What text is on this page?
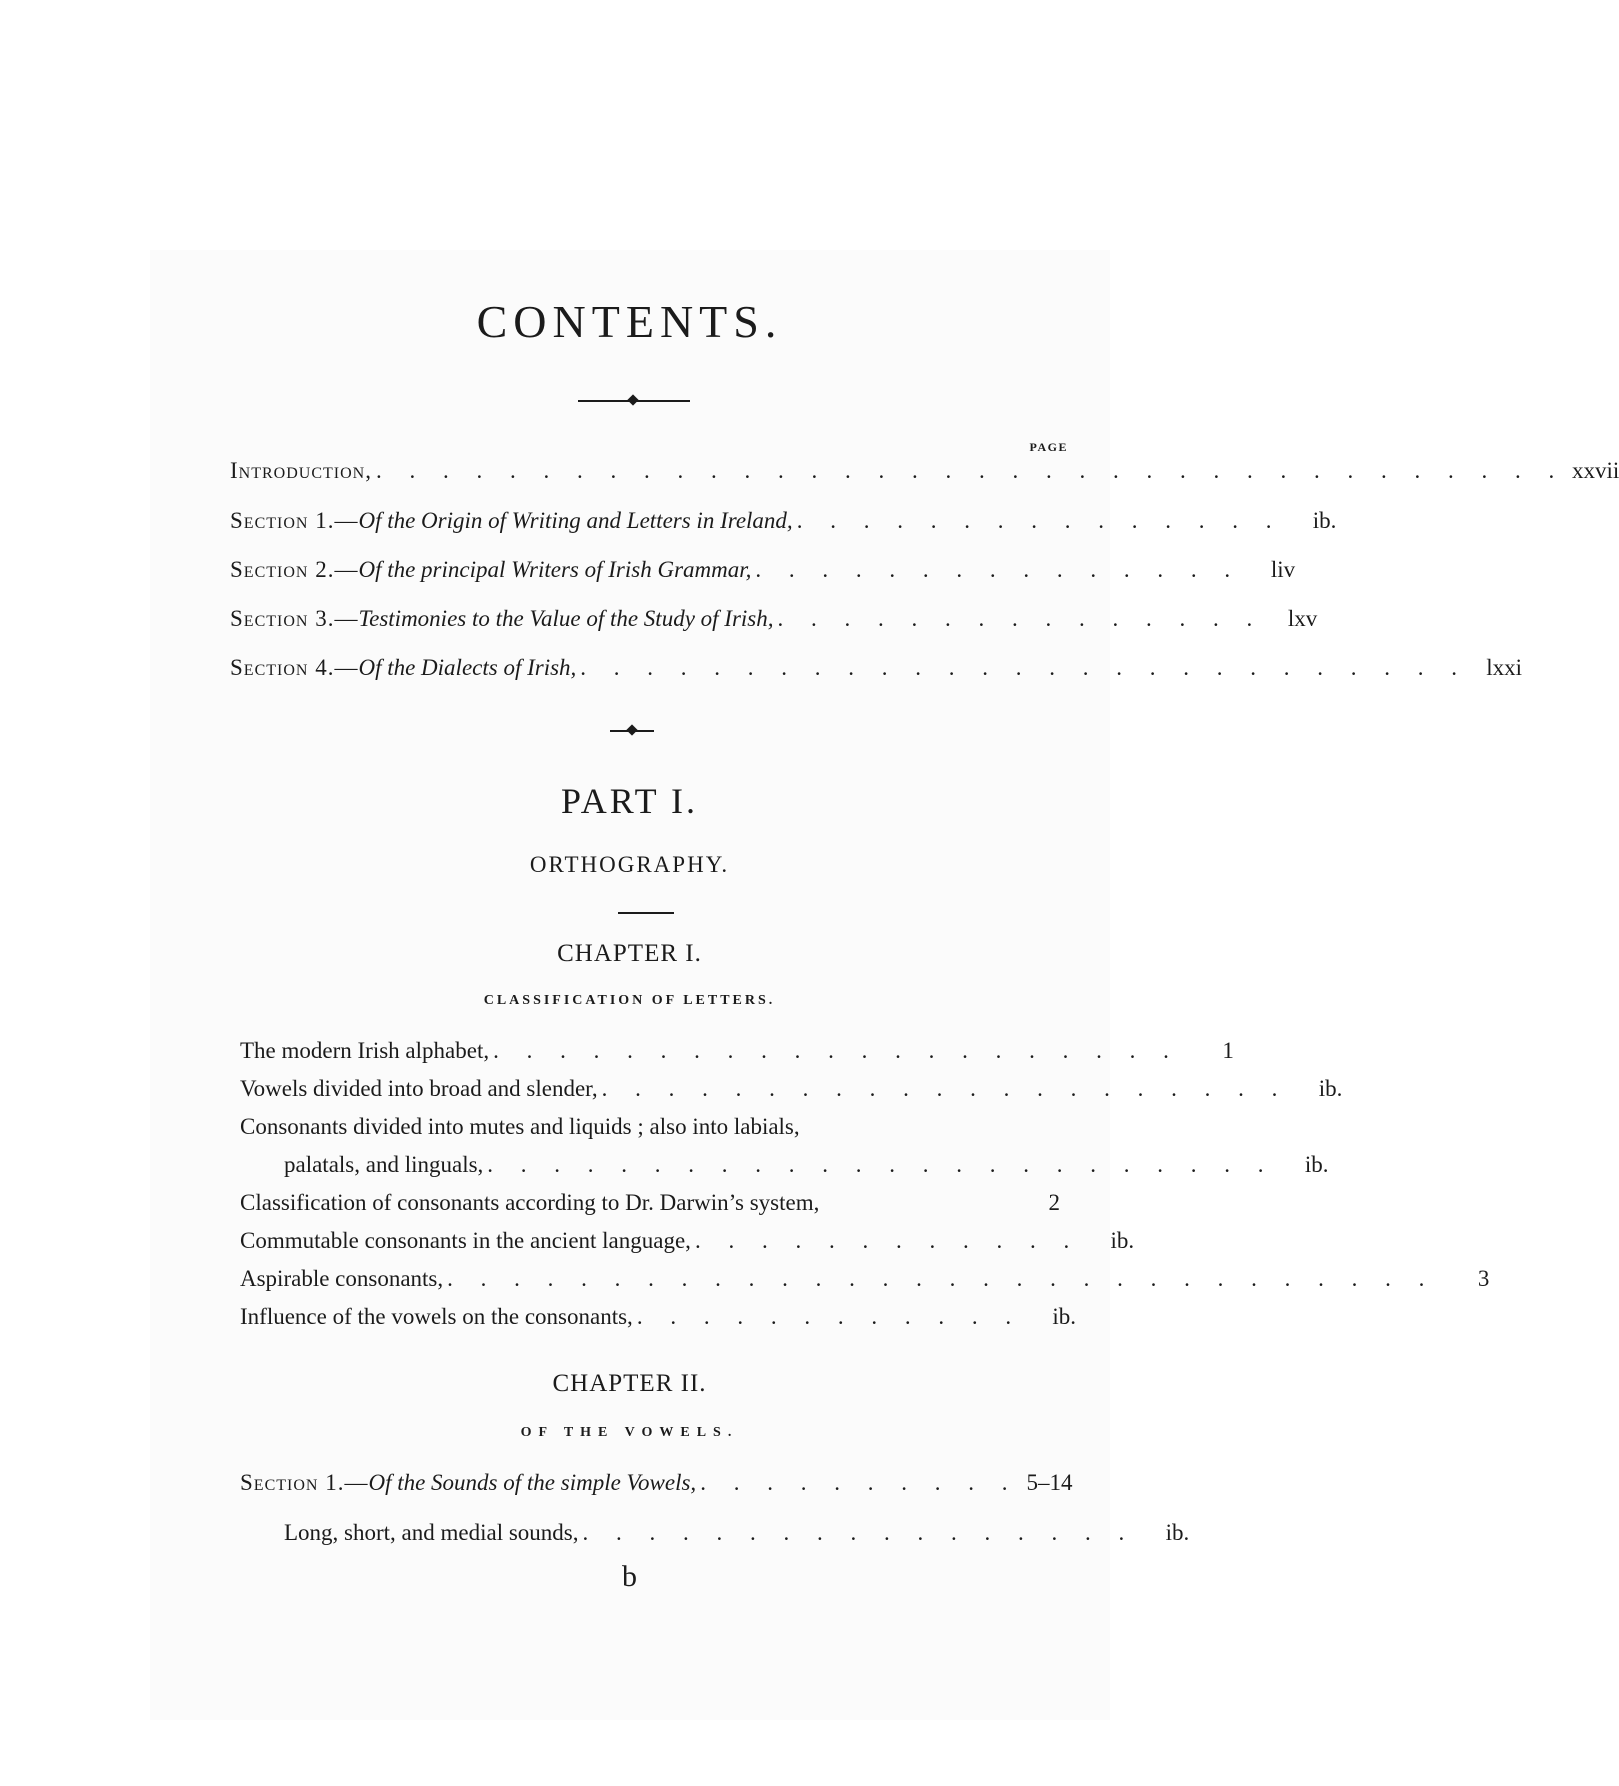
CONTENTS.
PAGE
Introduction, . . . . . . . . . . . . . . . . . . . . . . . . . . . . . . . . . . . . xxvii
Section 1.— Of the Origin of Writing and Letters in Ireland, . . . . . . . . . . . . . . .	ib.
Section 2.— Of the principal Writers of Irish Grammar, . . . . . . . . . . . . . . .	liv
Section 3.— Testimonies to the Value of the Study of Irish, . . . . . . . . . . . . . . .	lxv
Section 4.— Of the Dialects of Irish, . . . . . . . . . . . . . . . . . . . . . . . . . . . lxxi
PART I.
ORTHOGRAPHY.
CHAPTER I.
CLASSIFICATION OF LETTERS.
The modern Irish alphabet, . . . . . . . . . . . . . . . . . . . . .	1
Vowels divided into broad and slender, . . . . . . . . . . . . . . . . . . . . .	ib.
Consonants divided into mutes and liquids ; also into labials,
palatals, and linguals, . . . . . . . . . . . . . . . . . . . . . . . .	ib.
Classification of consonants according to Dr. Darwin’s system,	2
Commutable consonants in the ancient language, . . . . . . . . . . . .	ib.
Aspirable consonants, . . . . . . . . . . . . . . . . . . . . . . . . . . . . . .	3
Influence of the vowels on the consonants, . . . . . . . . . . . .	ib.
CHAPTER II.
OF THE VOWELS.
Section 1.— Of the Sounds of the simple Vowels, . . . . . . . . . . 5–14
Long, short, and medial sounds, . . . . . . . . . . . . . . . . .	ib.
b
